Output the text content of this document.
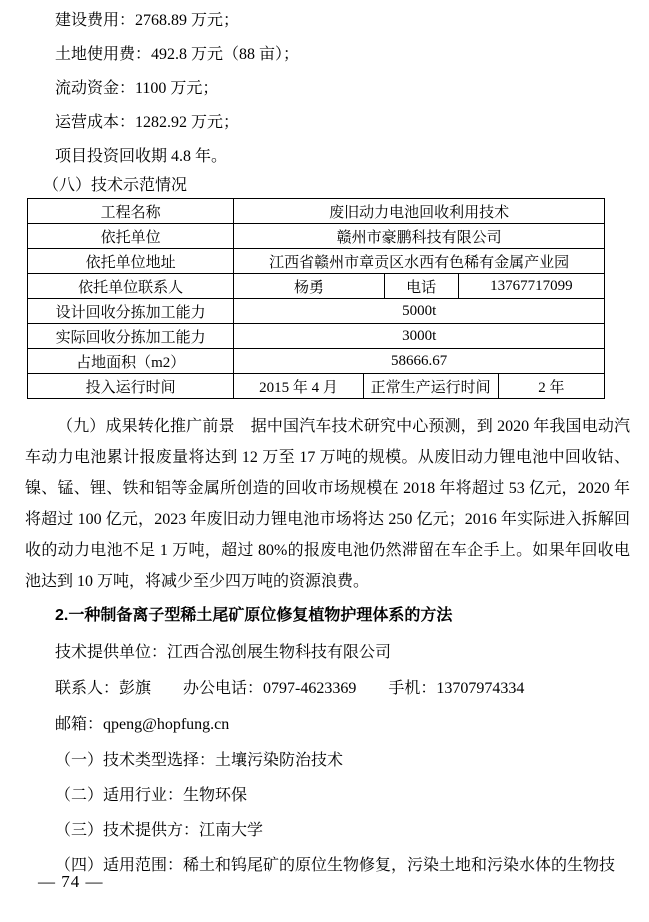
建设费用：2768.89 万元；
土地使用费：492.8 万元（88 亩）；
流动资金：1100 万元；
运营成本：1282.92 万元；
项目投资回收期 4.8 年。
（八）技术示范情况
工程名称	废旧动力电池回收利用技术				
依托单位	赣州市豪鹏科技有限公司				
依托单位地址	江西省赣州市章贡区水西有色稀有金属产业园				
依托单位联系人	杨勇		电话	13767717099	
设计回收分拣加工能力	5000t				
实际回收分拣加工能力	3000t				
占地面积（m2）	58666.67				
投入运行时间	2015 年 4 月	正常生产运行时间			2 年
（九）成果转化推广前景　据中国汽车技术研究中心预测，到 2020 年我国电动汽车动力电池累计报废量将达到 12 万至 17 万吨的规模。从废旧动力锂电池中回收钴、镍、锰、锂、铁和铝等金属所创造的回收市场规模在 2018 年将超过 53 亿元，2020 年将超过 100 亿元，2023 年废旧动力锂电池市场将达 250 亿元；2016 年实际进入拆解回收的动力电池不足 1 万吨，超过 80%的报废电池仍然滞留在车企手上。如果年回收电池达到 10 万吨，将减少至少四万吨的资源浪费。
2.一种制备离子型稀土尾矿原位修复植物护理体系的方法
技术提供单位：江西合泓创展生物科技有限公司
联系人：彭旗　　办公电话：0797-4623369　　手机：13707974334
邮箱：qpeng@hopfung.cn
（一）技术类型选择：土壤污染防治技术
（二）适用行业：生物环保
（三）技术提供方：江南大学
（四）适用范围：稀土和钨尾矿的原位生物修复，污染土地和污染水体的生物技
— 74 —
